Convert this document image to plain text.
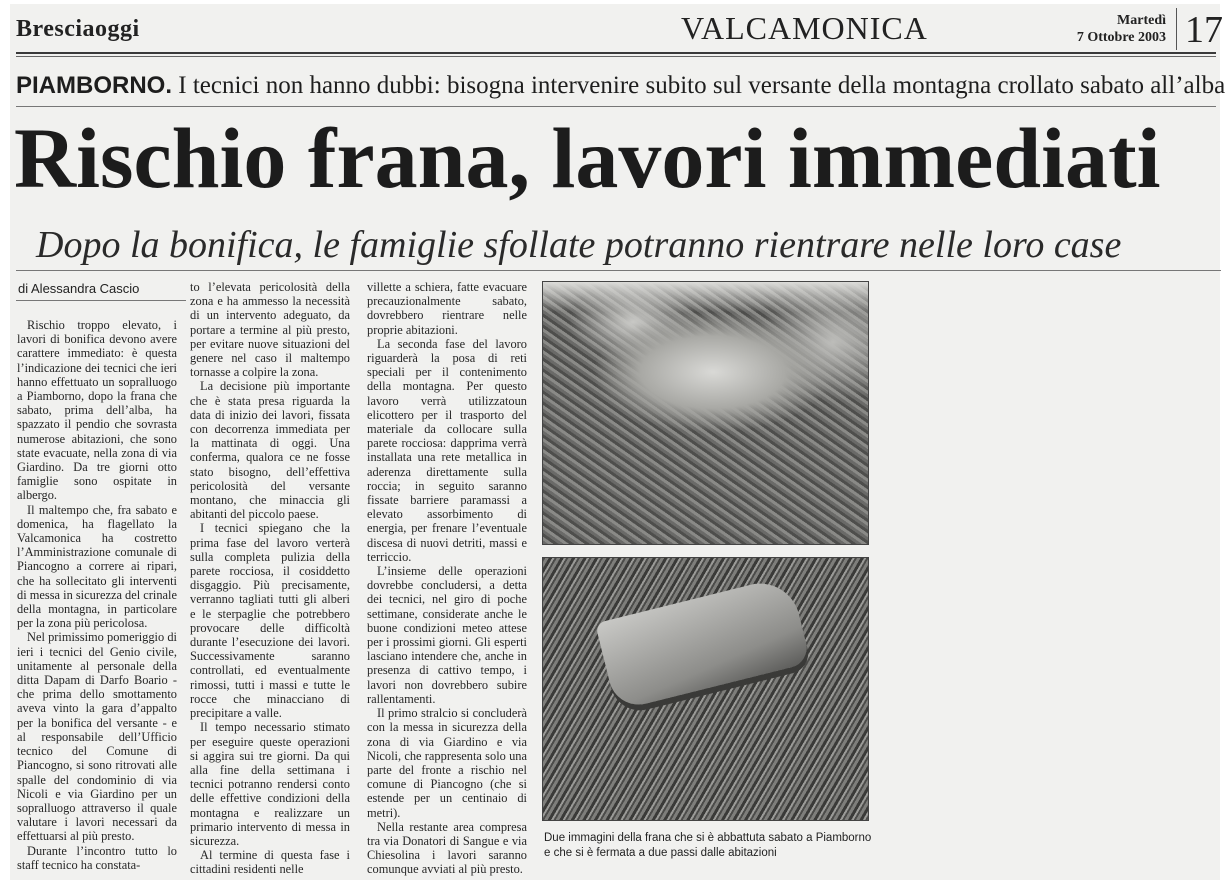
Bresciaoggi	VALCAMONICA	Martedì
7 Ottobre 2003 17
PIAMBORNO. I tecnici non hanno dubbi: bisogna intervenire subito sul versante della montagna crollato sabato all’alba
Rischio frana, lavori immediati
Dopo la bonifica, le famiglie sfollate potranno rientrare nelle loro case
di Alessandra Cascio

Rischio troppo elevato, i lavori di bonifica devono avere carattere immediato: è questa l’indicazione dei tecnici che ieri hanno effettuato un sopralluogo a Piamborno, dopo la frana che sabato, prima dell’alba, ha spazzato il pendio che sovrasta numerose abitazioni, che sono state evacuate, nella zona di via Giardino. Da tre giorni otto famiglie sono ospitate in albergo.

Il maltempo che, fra sabato e domenica, ha flagellato la Valcamonica ha costretto l’Amministrazione comunale di Piancogno a correre ai ripari, che ha sollecitato gli interventi di messa in sicurezza del crinale della montagna, in particolare per la zona più pericolosa.

Nel primissimo pomeriggio di ieri i tecnici del Genio civile, unitamente al personale della ditta Dapam di Darfo Boario - che prima dello smottamento aveva vinto la gara d’appalto per la bonifica del versante - e al responsabile dell’Ufficio tecnico del Comune di Piancogno, si sono ritrovati alle spalle del condominio di via Nicoli e via Giardino per un sopralluogo attraverso il quale valutare i lavori necessari da effettuarsi al più presto.

Durante l’incontro tutto lo staff tecnico ha constata-

to l’elevata pericolosità della zona e ha ammesso la necessità di un intervento adeguato, da portare a termine al più presto, per evitare nuove situazioni del genere nel caso il maltempo tornasse a colpire la zona.

La decisione più importante che è stata presa riguarda la data di inizio dei lavori, fissata con decorrenza immediata per la mattinata di oggi. Una conferma, qualora ce ne fosse stato bisogno, dell’effettiva pericolosità del versante montano, che minaccia gli abitanti del piccolo paese.

I tecnici spiegano che la prima fase del lavoro verterà sulla completa pulizia della parete rocciosa, il cosiddetto disgaggio. Più precisamente, verranno tagliati tutti gli alberi e le sterpaglie che potrebbero provocare delle difficoltà durante l’esecuzione dei lavori. Successivamente saranno controllati, ed eventualmente rimossi, tutti i massi e tutte le rocce che minacciano di precipitare a valle.

Il tempo necessario stimato per eseguire queste operazioni si aggira sui tre giorni. Da qui alla fine della settimana i tecnici potranno rendersi conto delle effettive condizioni della montagna e realizzare un primario intervento di messa in sicurezza.

Al termine di questa fase i cittadini residenti nelle

villette a schiera, fatte evacuare precauzionalmente sabato, dovrebbero rientrare nelle proprie abitazioni.

La seconda fase del lavoro riguarderà la posa di reti speciali per il contenimento della montagna. Per questo lavoro verrà utilizzatoun elicottero per il trasporto del materiale da collocare sulla parete rocciosa: dapprima verrà installata una rete metallica in aderenza direttamente sulla roccia; in seguito saranno fissate barriere paramassi a elevato assorbimento di energia, per frenare l’eventuale discesa di nuovi detriti, massi e terriccio.

L’insieme delle operazioni dovrebbe concludersi, a detta dei tecnici, nel giro di poche settimane, considerate anche le buone condizioni meteo attese per i prossimi giorni. Gli esperti lasciano intendere che, anche in presenza di cattivo tempo, i lavori non dovrebbero subire rallentamenti.

Il primo stralcio si concluderà con la messa in sicurezza della zona di via Giardino e via Nicoli, che rappresenta solo una parte del fronte a rischio nel comune di Piancogno (che si estende per un centinaio di metri).

Nella restante area compresa tra via Donatori di Sangue e via Chiesolina i lavori saranno comunque avviati al più presto.

Due immagini della frana che si è abbattuta sabato a Piamborno e che si è fermata a due passi dalle abitazioni
